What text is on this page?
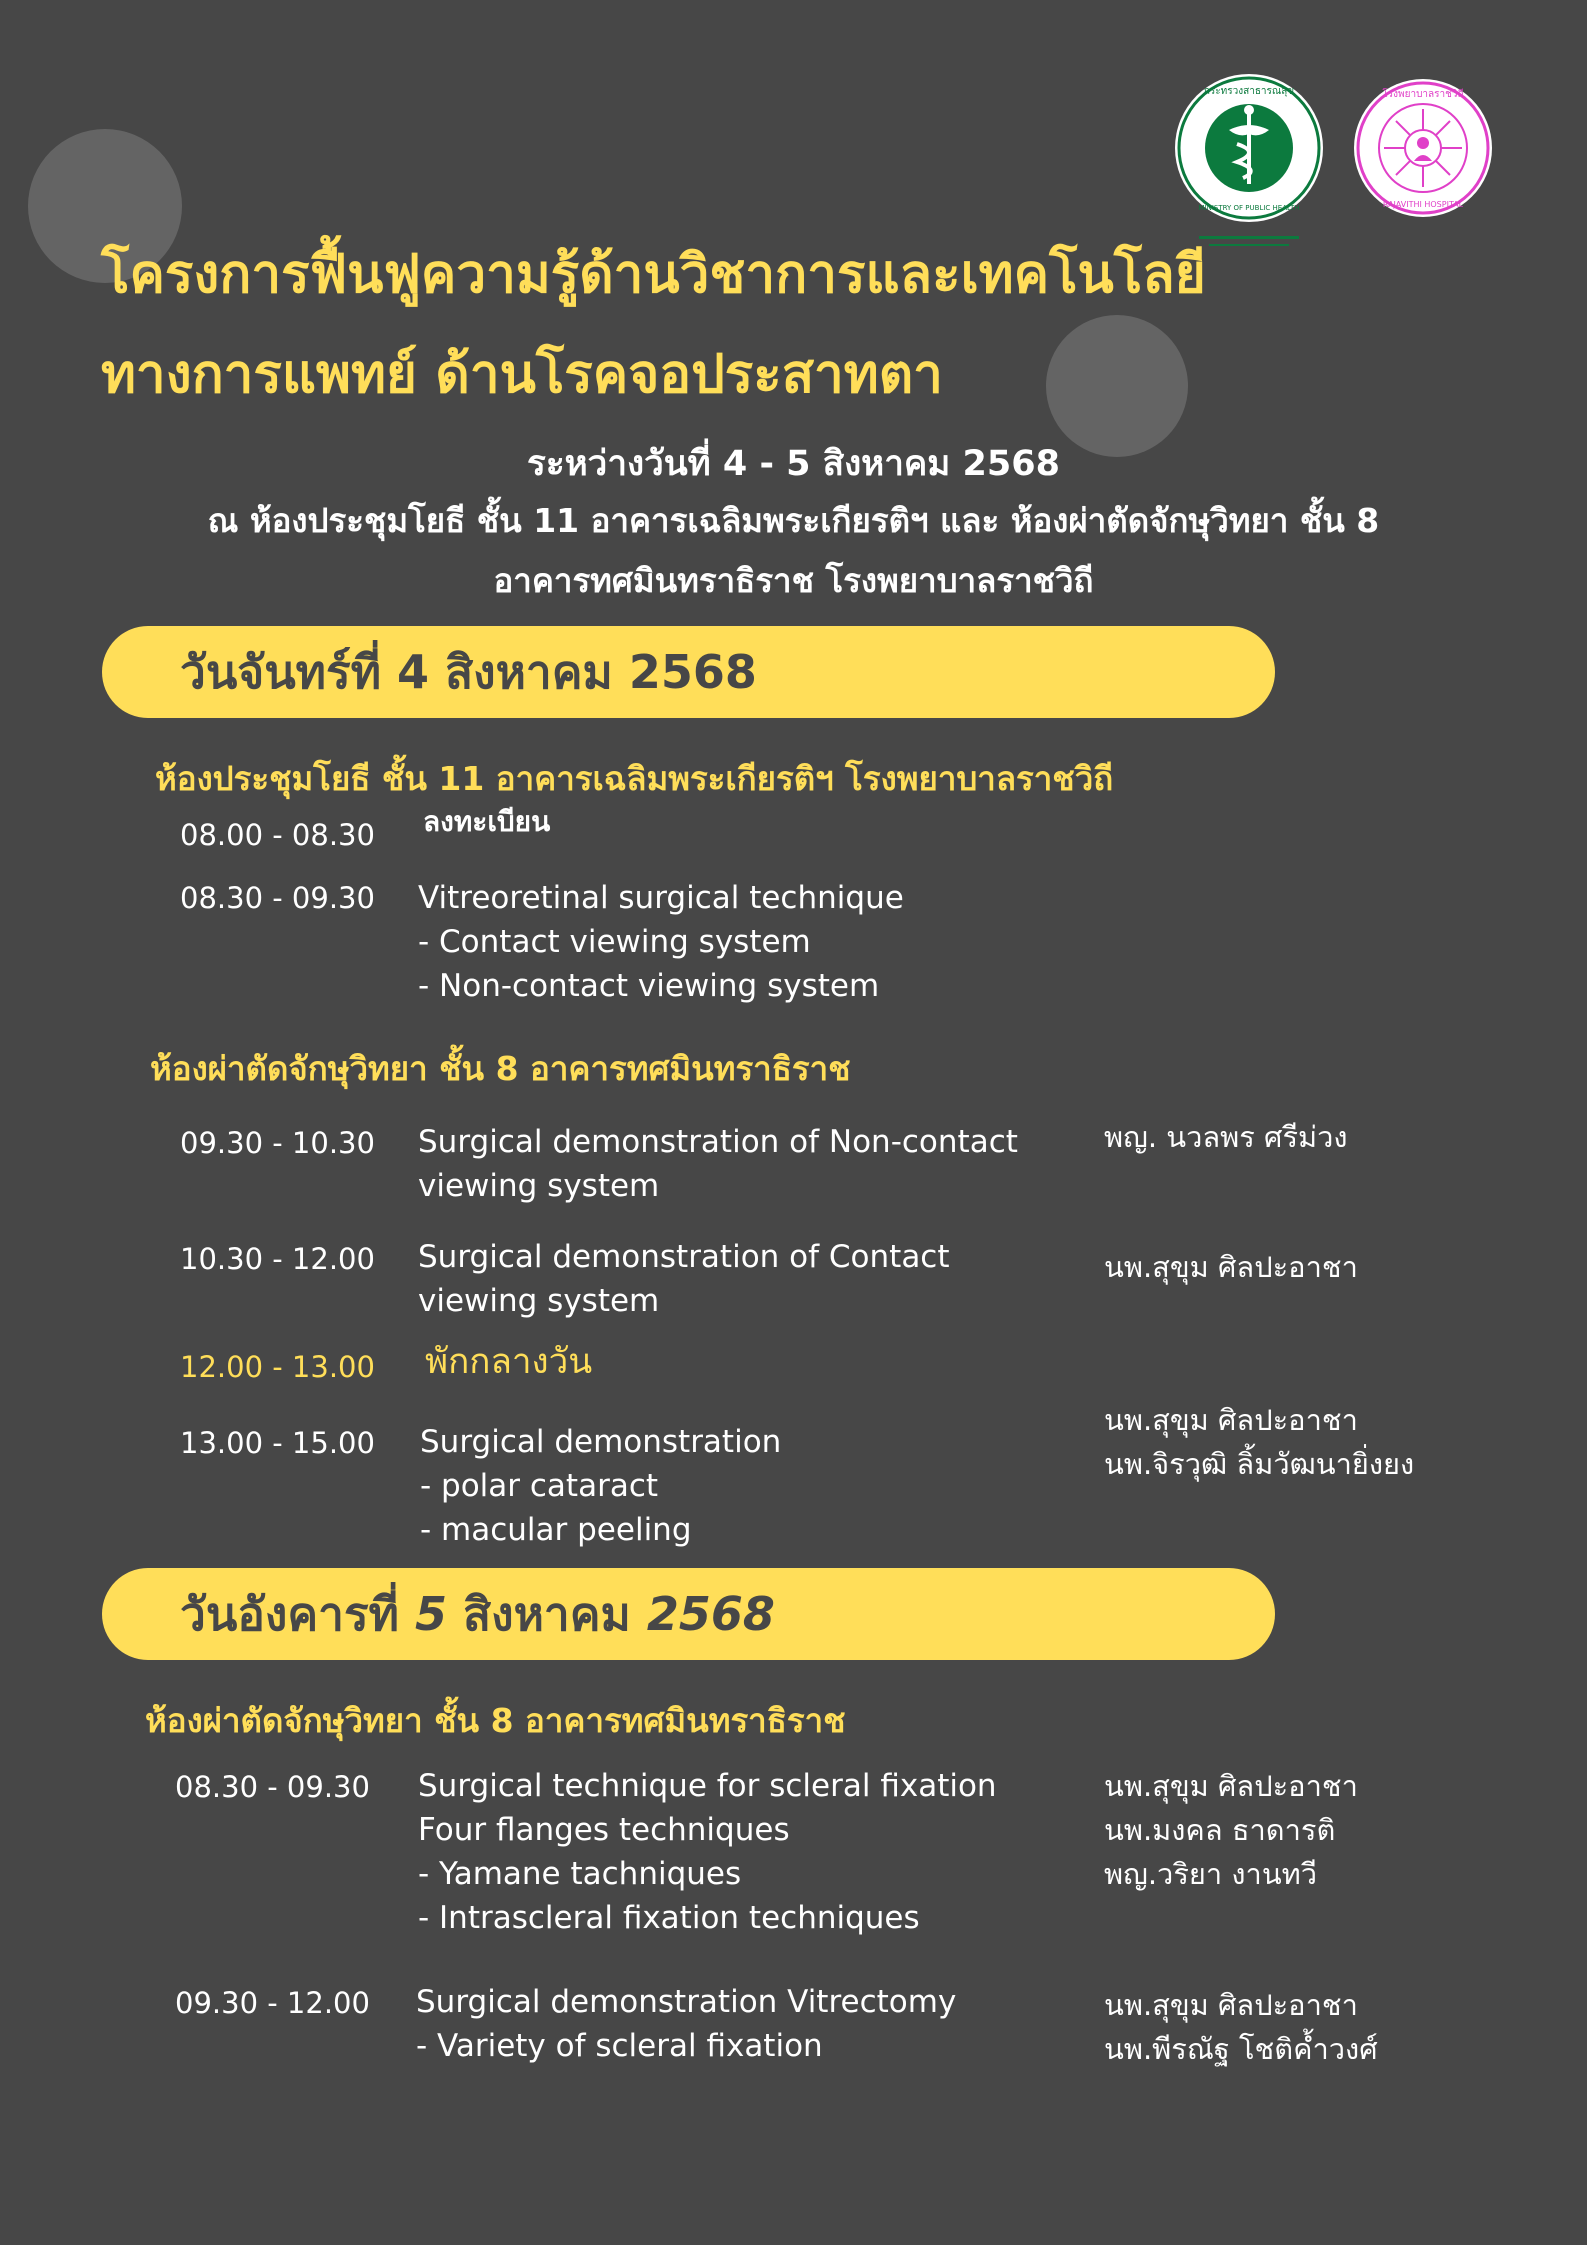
กระทรวงสาธารณสุข
MINISTRY OF PUBLIC HEALTH
โรงพยาบาลราชวิถี
RAJAVITHI HOSPITAL
โครงการฟื้นฟูความรู้ด้านวิชาการและเทคโนโลยี
ทางการแพทย์ ด้านโรคจอประสาทตา
ระหว่างวันที่ 4 - 5 สิงหาคม 2568
ณ ห้องประชุมโยธี ชั้น 11 อาคารเฉลิมพระเกียรติฯ และ ห้องผ่าตัดจักษุวิทยา ชั้น 8
อาคารทศมินทราธิราช โรงพยาบาลราชวิถี
วันจันทร์ที่ 4 สิงหาคม 2568
ห้องประชุมโยธี ชั้น 11 อาคารเฉลิมพระเกียรติฯ โรงพยาบาลราชวิถี
08.00 - 08.30 ลงทะเบียน
08.30 - 09.30 Vitreoretinal surgical technique
- Contact viewing system
- Non-contact viewing system
ห้องผ่าตัดจักษุวิทยา ชั้น 8 อาคารทศมินทราธิราช
09.30 - 10.30 Surgical demonstration of Non-contact
viewing system
พญ. นวลพร ศรีม่วง
10.30 - 12.00 Surgical demonstration of Contact
viewing system
นพ.สุขุม ศิลปะอาชา
12.00 - 13.00 พักกลางวัน
13.00 - 15.00 Surgical demonstration
- polar cataract
- macular peeling
นพ.สุขุม ศิลปะอาชา
นพ.จิรวุฒิ ลิ้มวัฒนายิ่งยง
วันอังคารที่ 5 สิงหาคม 2568
ห้องผ่าตัดจักษุวิทยา ชั้น 8 อาคารทศมินทราธิราช
08.30 - 09.30 Surgical technique for scleral fixation
Four flanges techniques
- Yamane tachniques
- Intrascleral fixation techniques
นพ.สุขุม ศิลปะอาชา
นพ.มงคล ธาดารติ
พญ.วริยา งานทวี
09.30 - 12.00 Surgical demonstration Vitrectomy
- Variety of scleral fixation
นพ.สุขุม ศิลปะอาชา
นพ.พีรณัฐ โชติค้ำวงศ์
